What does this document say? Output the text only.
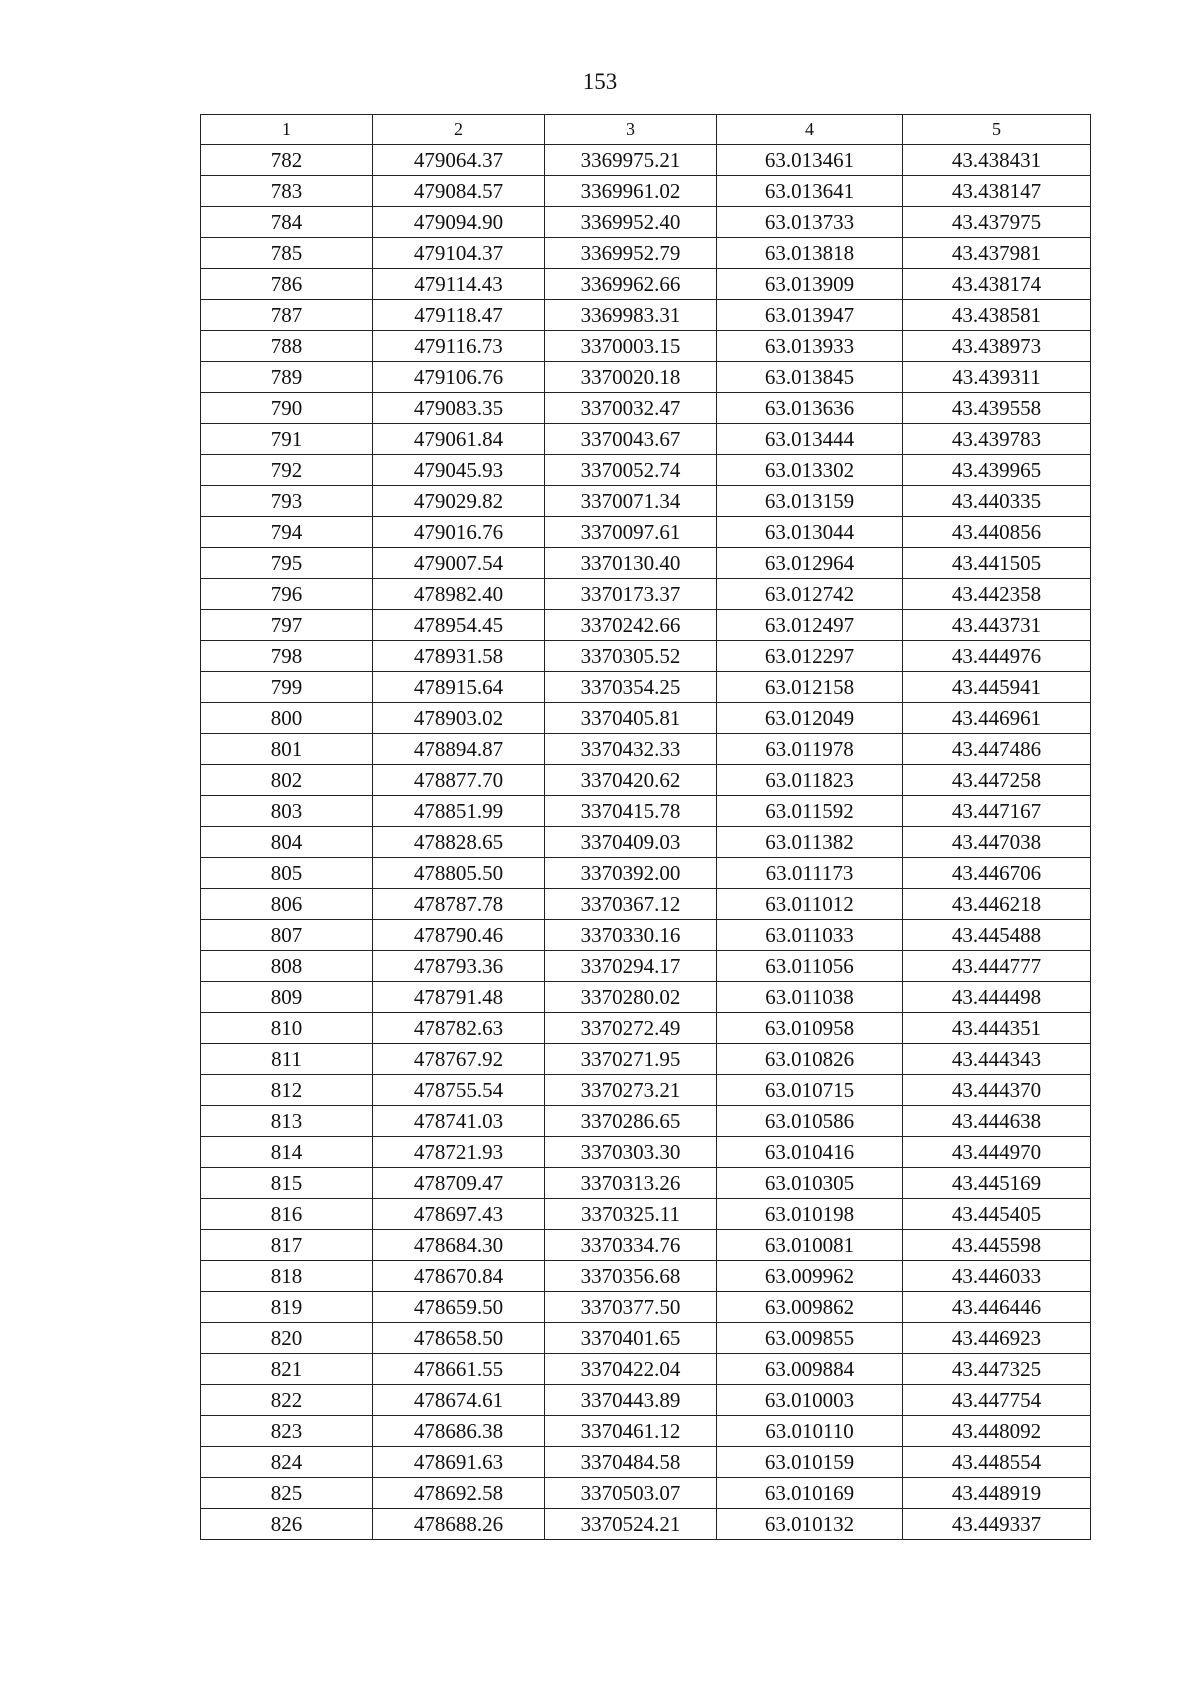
153
1	2	3	4	5
782	479064.37	3369975.21	63.013461	43.438431
783	479084.57	3369961.02	63.013641	43.438147
784	479094.90	3369952.40	63.013733	43.437975
785	479104.37	3369952.79	63.013818	43.437981
786	479114.43	3369962.66	63.013909	43.438174
787	479118.47	3369983.31	63.013947	43.438581
788	479116.73	3370003.15	63.013933	43.438973
789	479106.76	3370020.18	63.013845	43.439311
790	479083.35	3370032.47	63.013636	43.439558
791	479061.84	3370043.67	63.013444	43.439783
792	479045.93	3370052.74	63.013302	43.439965
793	479029.82	3370071.34	63.013159	43.440335
794	479016.76	3370097.61	63.013044	43.440856
795	479007.54	3370130.40	63.012964	43.441505
796	478982.40	3370173.37	63.012742	43.442358
797	478954.45	3370242.66	63.012497	43.443731
798	478931.58	3370305.52	63.012297	43.444976
799	478915.64	3370354.25	63.012158	43.445941
800	478903.02	3370405.81	63.012049	43.446961
801	478894.87	3370432.33	63.011978	43.447486
802	478877.70	3370420.62	63.011823	43.447258
803	478851.99	3370415.78	63.011592	43.447167
804	478828.65	3370409.03	63.011382	43.447038
805	478805.50	3370392.00	63.011173	43.446706
806	478787.78	3370367.12	63.011012	43.446218
807	478790.46	3370330.16	63.011033	43.445488
808	478793.36	3370294.17	63.011056	43.444777
809	478791.48	3370280.02	63.011038	43.444498
810	478782.63	3370272.49	63.010958	43.444351
811	478767.92	3370271.95	63.010826	43.444343
812	478755.54	3370273.21	63.010715	43.444370
813	478741.03	3370286.65	63.010586	43.444638
814	478721.93	3370303.30	63.010416	43.444970
815	478709.47	3370313.26	63.010305	43.445169
816	478697.43	3370325.11	63.010198	43.445405
817	478684.30	3370334.76	63.010081	43.445598
818	478670.84	3370356.68	63.009962	43.446033
819	478659.50	3370377.50	63.009862	43.446446
820	478658.50	3370401.65	63.009855	43.446923
821	478661.55	3370422.04	63.009884	43.447325
822	478674.61	3370443.89	63.010003	43.447754
823	478686.38	3370461.12	63.010110	43.448092
824	478691.63	3370484.58	63.010159	43.448554
825	478692.58	3370503.07	63.010169	43.448919
826	478688.26	3370524.21	63.010132	43.449337
